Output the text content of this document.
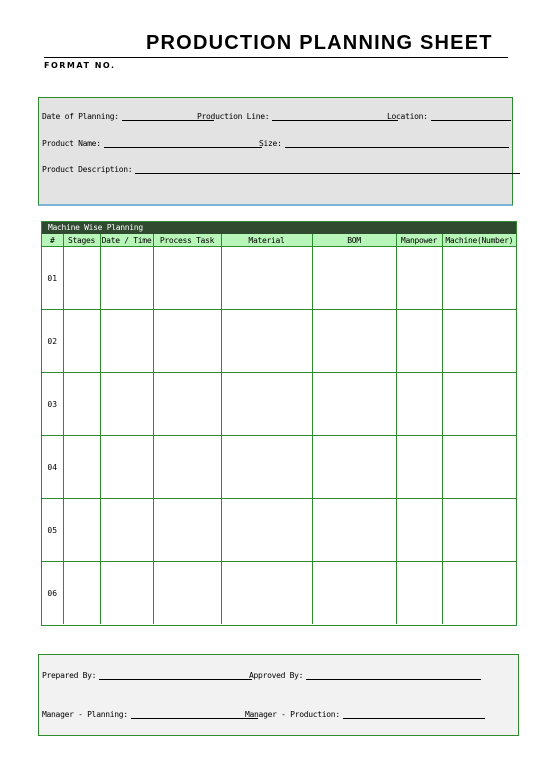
PRODUCTION PLANNING SHEET
FORMAT NO.
Date of Planning:	Production Line:	Location:
Product Name:	Size:
Product Description:
Machine Wise Planning
#	Stages	Date / Time	Process Task	Material	BOM	Manpower	Machine(Number)
01							
02							
03							
04							
05							
06							
Prepared By:	Approved By:
Manager - Planning:	Manager - Production:
